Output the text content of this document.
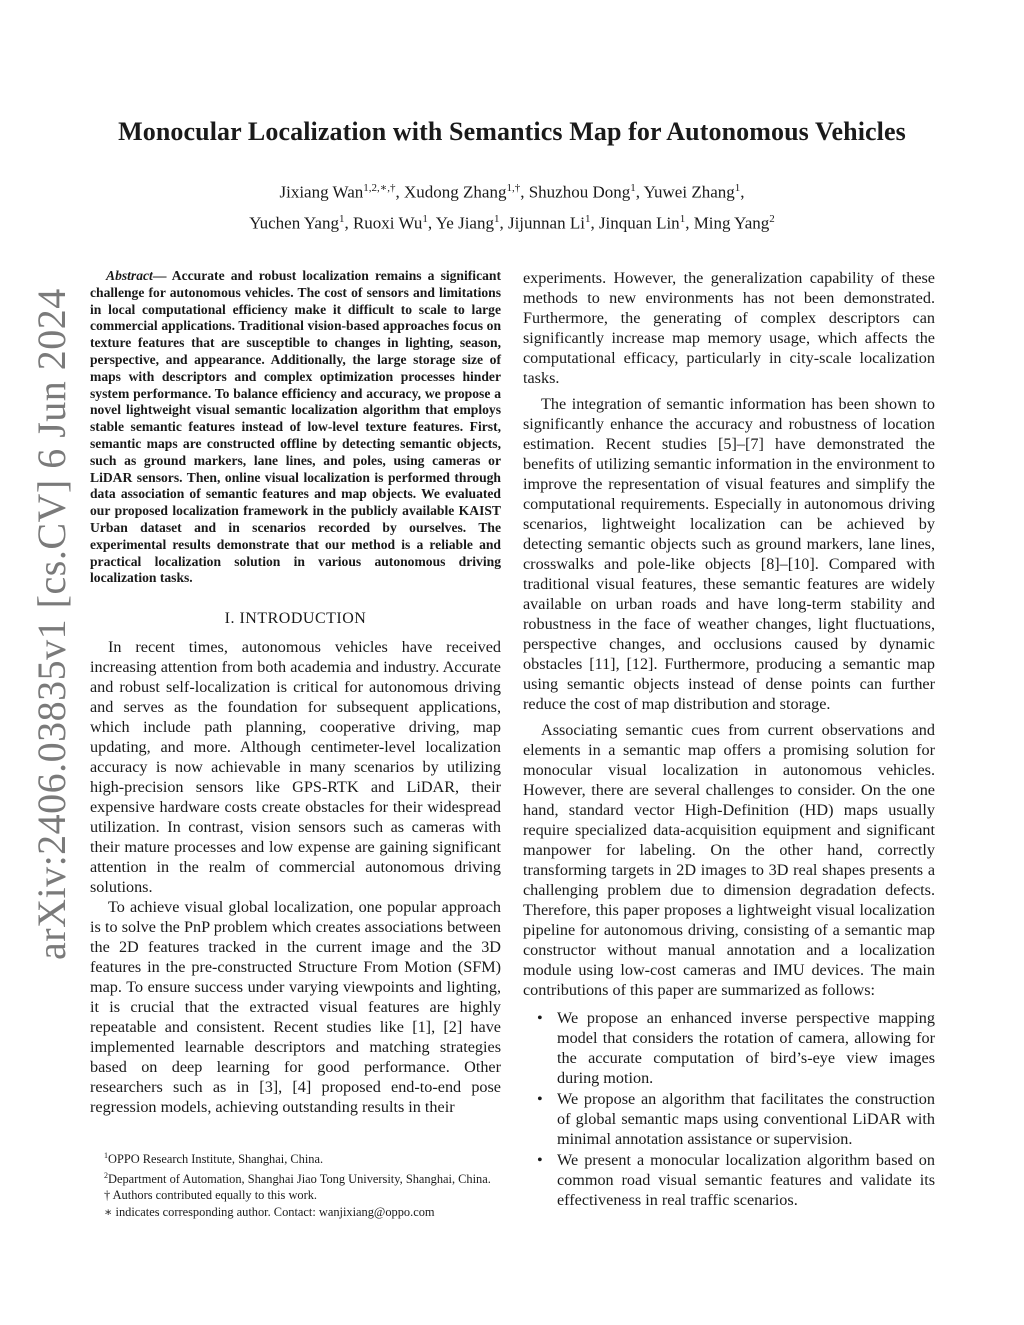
arXiv:2406.03835v1 [cs.CV] 6 Jun 2024
Monocular Localization with Semantics Map for Autonomous Vehicles
Jixiang Wan$^{1,2,∗,\dagger}$, Xudong Zhang$^{1,\dagger}$, Shuzhou Dong$^1$, Yuwei Zhang$^1$,
Yuchen Yang$^1$, Ruoxi Wu$^1$, Ye Jiang$^1$, Jijunnan Li$^1$, Jinquan Lin$^1$, Ming Yang$^2$

Abstract— Accurate and robust localization remains a significant challenge for autonomous vehicles. The cost of sensors and limitations in local computational efficiency make it difficult to scale to large commercial applications. Traditional vision-based approaches focus on texture features that are susceptible to changes in lighting, season, perspective, and appearance. Additionally, the large storage size of maps with descriptors and complex optimization processes hinder system performance. To balance efficiency and accuracy, we propose a novel lightweight visual semantic localization algorithm that employs stable semantic features instead of low-level texture features. First, semantic maps are constructed offline by detecting semantic objects, such as ground markers, lane lines, and poles, using cameras or LiDAR sensors. Then, online visual localization is performed through data association of semantic features and map objects. We evaluated our proposed localization framework in the publicly available KAIST Urban dataset and in scenarios recorded by ourselves. The experimental results demonstrate that our method is a reliable and practical localization solution in various autonomous driving localization tasks.

I. INTRODUCTION

In recent times, autonomous vehicles have received increasing attention from both academia and industry. Accurate and robust self-localization is critical for autonomous driving and serves as the foundation for subsequent applications, which include path planning, cooperative driving, map updating, and more. Although centimeter-level localization accuracy is now achievable in many scenarios by utilizing high-precision sensors like GPS-RTK and LiDAR, their expensive hardware costs create obstacles for their widespread utilization. In contrast, vision sensors such as cameras with their mature processes and low expense are gaining significant attention in the realm of commercial autonomous driving solutions.

To achieve visual global localization, one popular approach is to solve the PnP problem which creates associations between the 2D features tracked in the current image and the 3D features in the pre-constructed Structure From Motion (SFM) map. To ensure success under varying viewpoints and lighting, it is crucial that the extracted visual features are highly repeatable and consistent. Recent studies like [1], [2] have implemented learnable descriptors and matching strategies based on deep learning for good performance. Other researchers such as in [3], [4] proposed end-to-end pose regression models, achieving outstanding results in their

$^1$OPPO Research Institute, Shanghai, China.

$^2$Department of Automation, Shanghai Jiao Tong University, Shanghai, China.

† Authors contributed equally to this work.

∗ indicates corresponding author. Contact: wanjixiang@oppo.com

experiments. However, the generalization capability of these methods to new environments has not been demonstrated. Furthermore, the generating of complex descriptors can significantly increase map memory usage, which affects the computational efficacy, particularly in city-scale localization tasks.

The integration of semantic information has been shown to significantly enhance the accuracy and robustness of location estimation. Recent studies [5]–[7] have demonstrated the benefits of utilizing semantic information in the environment to improve the representation of visual features and simplify the computational requirements. Especially in autonomous driving scenarios, lightweight localization can be achieved by detecting semantic objects such as ground markers, lane lines, crosswalks and pole-like objects [8]–[10]. Compared with traditional visual features, these semantic features are widely available on urban roads and have long-term stability and robustness in the face of weather changes, light fluctuations, perspective changes, and occlusions caused by dynamic obstacles [11], [12]. Furthermore, producing a semantic map using semantic objects instead of dense points can further reduce the cost of map distribution and storage.

Associating semantic cues from current observations and elements in a semantic map offers a promising solution for monocular visual localization in autonomous vehicles. However, there are several challenges to consider. On the one hand, standard vector High-Definition (HD) maps usually require specialized data-acquisition equipment and significant manpower for labeling. On the other hand, correctly transforming targets in 2D images to 3D real shapes presents a challenging problem due to dimension degradation defects. Therefore, this paper proposes a lightweight visual localization pipeline for autonomous driving, consisting of a semantic map constructor without manual annotation and a localization module using low-cost cameras and IMU devices. The main contributions of this paper are summarized as follows:

• We propose an enhanced inverse perspective mapping model that considers the rotation of camera, allowing for the accurate computation of bird’s-eye view images during motion.
• We propose an algorithm that facilitates the construction of global semantic maps using conventional LiDAR with minimal annotation assistance or supervision.
• We present a monocular localization algorithm based on common road visual semantic features and validate its effectiveness in real traffic scenarios.
